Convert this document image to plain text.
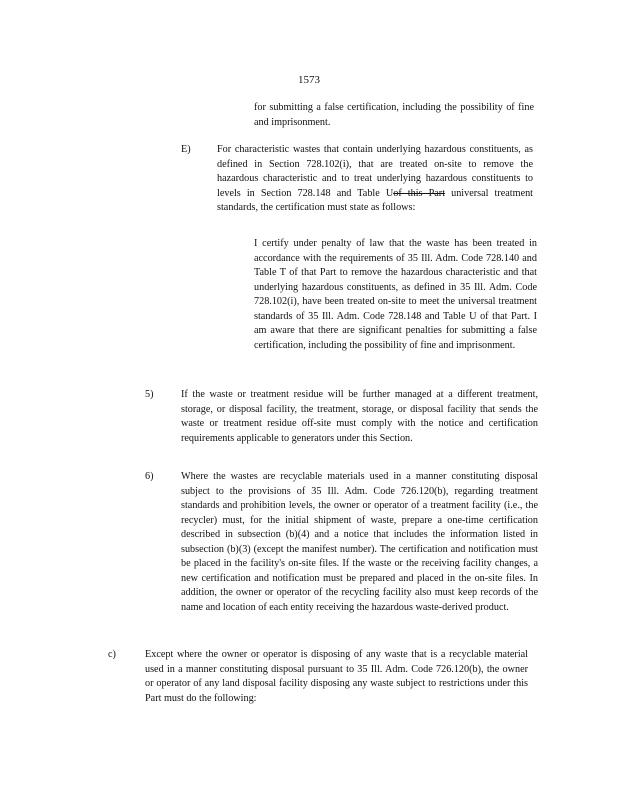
1573

for submitting a false certification, including the possibility of fine and imprisonment.

E)	For characteristic wastes that contain underlying hazardous constituents, as defined in Section 728.102(i), that are treated on-site to remove the hazardous characteristic and to treat underlying hazardous constituents to levels in Section 728.148 and Table Uof this Part universal treatment standards, the certification must state as follows:

I certify under penalty of law that the waste has been treated in accordance with the requirements of 35 Ill. Adm. Code 728.140 and Table T of that Part to remove the hazardous characteristic and that underlying hazardous constituents, as defined in 35 Ill. Adm. Code 728.102(i), have been treated on-site to meet the universal treatment standards of 35 Ill. Adm. Code 728.148 and Table U of that Part. I am aware that there are significant penalties for submitting a false certification, including the possibility of fine and imprisonment.

5)	If the waste or treatment residue will be further managed at a different treatment, storage, or disposal facility, the treatment, storage, or disposal facility that sends the waste or treatment residue off-site must comply with the notice and certification requirements applicable to generators under this Section.

6)	Where the wastes are recyclable materials used in a manner constituting disposal subject to the provisions of 35 Ill. Adm. Code 726.120(b), regarding treatment standards and prohibition levels, the owner or operator of a treatment facility (i.e., the recycler) must, for the initial shipment of waste, prepare a one-time certification described in subsection (b)(4) and a notice that includes the information listed in subsection (b)(3) (except the manifest number). The certification and notification must be placed in the facility's on-site files. If the waste or the receiving facility changes, a new certification and notification must be prepared and placed in the on-site files. In addition, the owner or operator of the recycling facility also must keep records of the name and location of each entity receiving the hazardous waste-derived product.

c)	Except where the owner or operator is disposing of any waste that is a recyclable material used in a manner constituting disposal pursuant to 35 Ill. Adm. Code 726.120(b), the owner or operator of any land disposal facility disposing any waste subject to restrictions under this Part must do the following:
